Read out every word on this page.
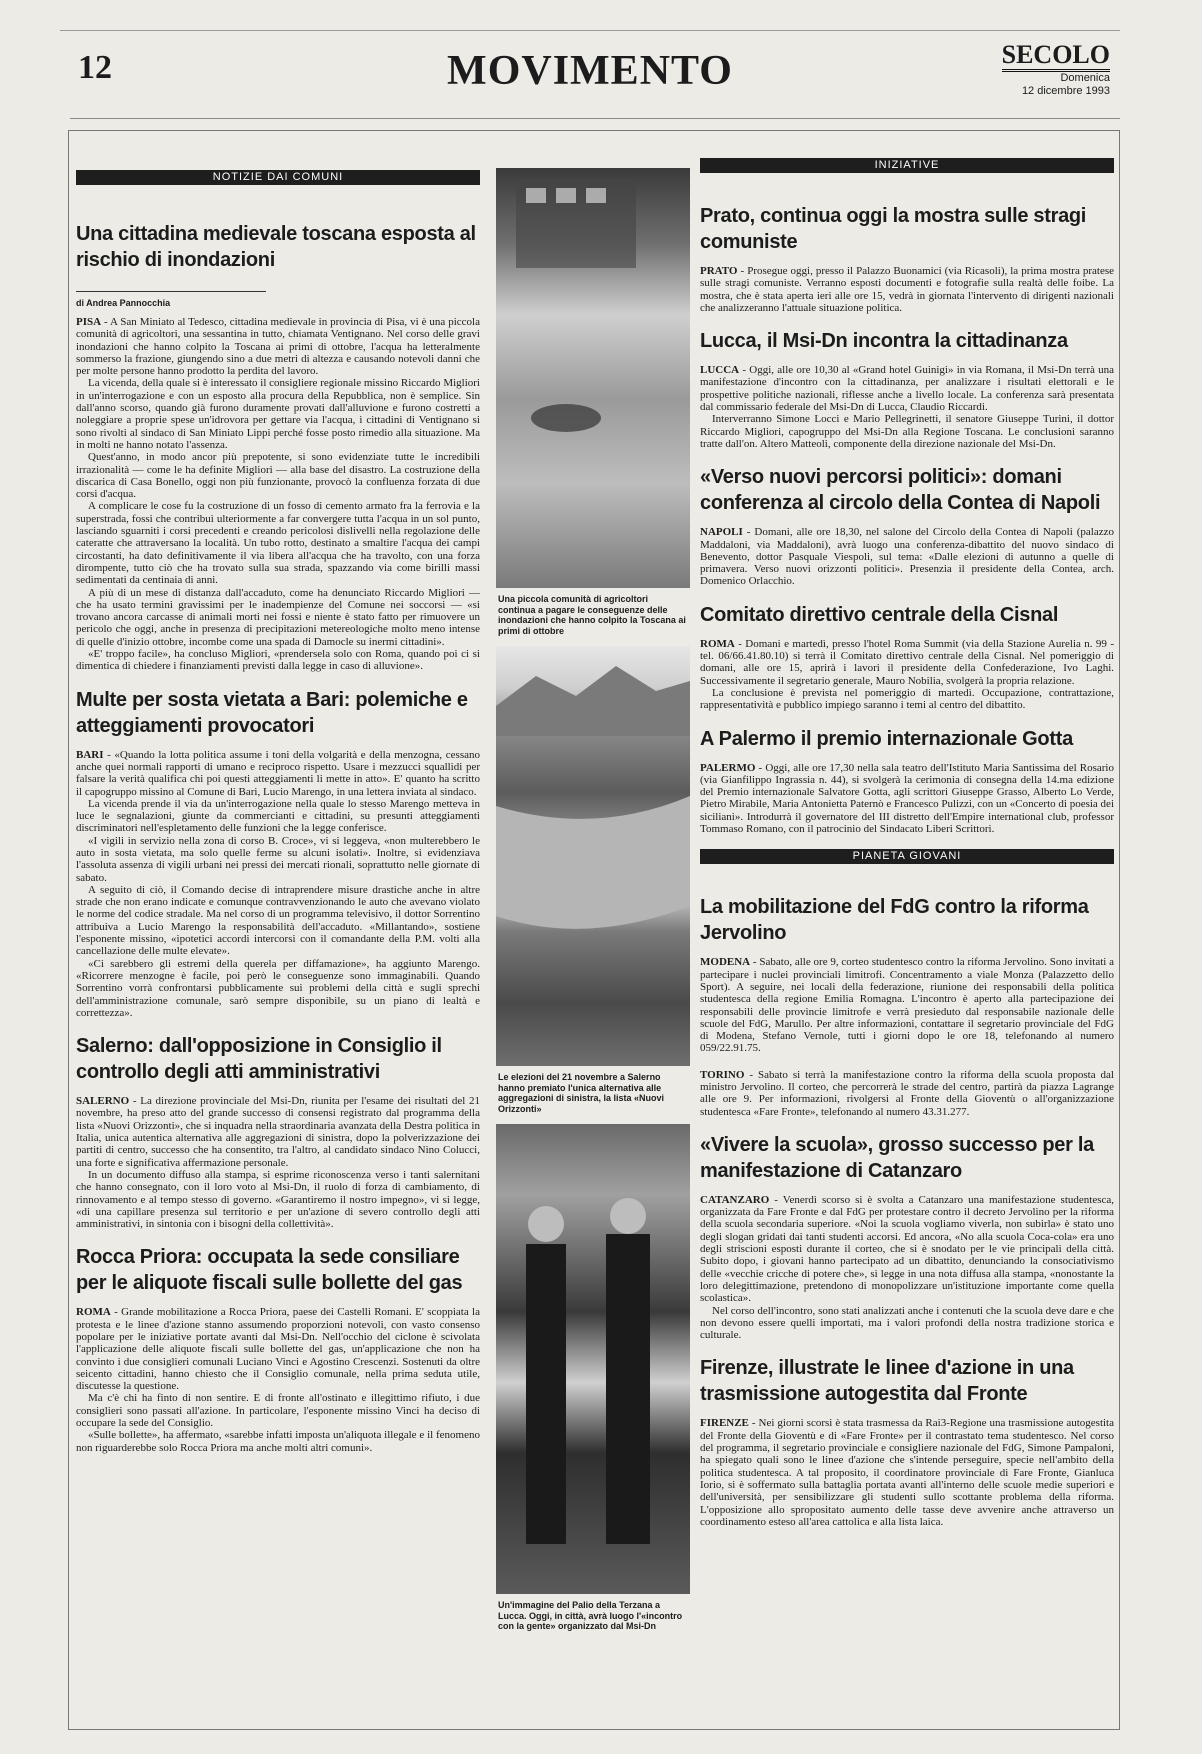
12	MOVIMENTO	SECOLO
Domenica
12 dicembre 1993
NOTIZIE DAI COMUNI
Una cittadina medievale toscana esposta al rischio di inondazioni
di Andrea Pannocchia

PISA - A San Miniato al Tedesco, cittadina medievale in provincia di Pisa, vi è una piccola comunità di agricoltori, una sessantina in tutto, chiamata Ventignano. Nel corso delle gravi inondazioni che hanno colpito la Toscana ai primi di ottobre, l'acqua ha letteralmente sommerso la frazione, giungendo sino a due metri di altezza e causando notevoli danni che per molte persone hanno prodotto la perdita del lavoro.

La vicenda, della quale si è interessato il consigliere regionale missino Riccardo Migliori in un'interrogazione e con un esposto alla procura della Repubblica, non è semplice. Sin dall'anno scorso, quando già furono duramente provati dall'alluvione e furono costretti a noleggiare a proprie spese un'idrovora per gettare via l'acqua, i cittadini di Ventignano si sono rivolti al sindaco di San Miniato Lippi perché fosse posto rimedio alla situazione. Ma in molti ne hanno notato l'assenza.

Quest'anno, in modo ancor più prepotente, si sono evidenziate tutte le incredibili irrazionalità — come le ha definite Migliori — alla base del disastro. La costruzione della discarica di Casa Bonello, oggi non più funzionante, provocò la confluenza forzata di due corsi d'acqua.

A complicare le cose fu la costruzione di un fosso di cemento armato fra la ferrovia e la superstrada, fossi che contribuì ulteriormente a far convergere tutta l'acqua in un sol punto, lasciando sguarniti i corsi precedenti e creando pericolosi dislivelli nella regolazione delle cateratte che attraversano la località. Un tubo rotto, destinato a smaltire l'acqua dei campi circostanti, ha dato definitivamente il via libera all'acqua che ha travolto, con una forza dirompente, tutto ciò che ha trovato sulla sua strada, spazzando via come birilli massi sedimentati da centinaia di anni.

A più di un mese di distanza dall'accaduto, come ha denunciato Riccardo Migliori — che ha usato termini gravissimi per le inadempienze del Comune nei soccorsi — «si trovano ancora carcasse di animali morti nei fossi e niente è stato fatto per rimuovere un pericolo che oggi, anche in presenza di precipitazioni metereologiche molto meno intense di quelle d'inizio ottobre, incombe come una spada di Damocle su inermi cittadini».

«E' troppo facile», ha concluso Migliori, «prendersela solo con Roma, quando poi ci si dimentica di chiedere i finanziamenti previsti dalla legge in caso di alluvione».

Multe per sosta vietata a Bari: polemiche e atteggiamenti provocatori

BARI - «Quando la lotta politica assume i toni della volgarità e della menzogna, cessano anche quei normali rapporti di umano e reciproco rispetto. Usare i mezzucci squallidi per falsare la verità qualifica chi poi questi atteggiamenti li mette in atto». E' quanto ha scritto il capogruppo missino al Comune di Bari, Lucio Marengo, in una lettera inviata al sindaco.

La vicenda prende il via da un'interrogazione nella quale lo stesso Marengo metteva in luce le segnalazioni, giunte da commercianti e cittadini, su presunti atteggiamenti discriminatori nell'espletamento delle funzioni che la legge conferisce.

«I vigili in servizio nella zona di corso B. Croce», vi si leggeva, «non multerebbero le auto in sosta vietata, ma solo quelle ferme su alcuni isolati». Inoltre, si evidenziava l'assoluta assenza di vigili urbani nei pressi dei mercati rionali, soprattutto nelle giornate di sabato.

A seguito di ciò, il Comando decise di intraprendere misure drastiche anche in altre strade che non erano indicate e comunque contravvenzionando le auto che avevano violato le norme del codice stradale. Ma nel corso di un programma televisivo, il dottor Sorrentino attribuiva a Lucio Marengo la responsabilità dell'accaduto. «Millantando», sostiene l'esponente missino, «ipotetici accordi intercorsi con il comandante della P.M. volti alla cancellazione delle multe elevate».

«Ci sarebbero gli estremi della querela per diffamazione», ha aggiunto Marengo. «Ricorrere menzogne è facile, poi però le conseguenze sono immaginabili. Quando Sorrentino vorrà confrontarsi pubblicamente sui problemi della città e sugli sprechi dell'amministrazione comunale, sarò sempre disponibile, su un piano di lealtà e correttezza».

Salerno: dall'opposizione in Consiglio il controllo degli atti amministrativi

SALERNO - La direzione provinciale del Msi-Dn, riunita per l'esame dei risultati del 21 novembre, ha preso atto del grande successo di consensi registrato dal programma della lista «Nuovi Orizzonti», che si inquadra nella straordinaria avanzata della Destra politica in Italia, unica autentica alternativa alle aggregazioni di sinistra, dopo la polverizzazione dei partiti di centro, successo che ha consentito, tra l'altro, al candidato sindaco Nino Colucci, una forte e significativa affermazione personale.

In un documento diffuso alla stampa, si esprime riconoscenza verso i tanti salernitani che hanno consegnato, con il loro voto al Msi-Dn, il ruolo di forza di cambiamento, di rinnovamento e al tempo stesso di governo. «Garantiremo il nostro impegno», vi si legge, «di una capillare presenza sul territorio e per un'azione di severo controllo degli atti amministrativi, in sintonia con i bisogni della collettività».

Rocca Priora: occupata la sede consiliare per le aliquote fiscali sulle bollette del gas

ROMA - Grande mobilitazione a Rocca Priora, paese dei Castelli Romani. E' scoppiata la protesta e le linee d'azione stanno assumendo proporzioni notevoli, con vasto consenso popolare per le iniziative portate avanti dal Msi-Dn. Nell'occhio del ciclone è scivolata l'applicazione delle aliquote fiscali sulle bollette del gas, un'applicazione che non ha convinto i due consiglieri comunali Luciano Vinci e Agostino Crescenzi. Sostenuti da oltre seicento cittadini, hanno chiesto che il Consiglio comunale, nella prima seduta utile, discutesse la questione.

Ma c'è chi ha finto di non sentire. E di fronte all'ostinato e illegittimo rifiuto, i due consiglieri sono passati all'azione. In particolare, l'esponente missino Vinci ha deciso di occupare la sede del Consiglio.

«Sulle bollette», ha affermato, «sarebbe infatti imposta un'aliquota illegale e il fenomeno non riguarderebbe solo Rocca Priora ma anche molti altri comuni».

Una piccola comunità di agricoltori continua a pagare le conseguenze delle inondazioni che hanno colpito la Toscana ai primi di ottobre
Le elezioni del 21 novembre a Salerno hanno premiato l'unica alternativa alle aggregazioni di sinistra, la lista «Nuovi Orizzonti»
Un'immagine del Palio della Terzana a Lucca. Oggi, in città, avrà luogo l'«incontro con la gente» organizzato dal Msi-Dn
INIZIATIVE
Prato, continua oggi la mostra sulle stragi comuniste

PRATO - Prosegue oggi, presso il Palazzo Buonamici (via Ricasoli), la prima mostra pratese sulle stragi comuniste. Verranno esposti documenti e fotografie sulla realtà delle foibe. La mostra, che è stata aperta ieri alle ore 15, vedrà in giornata l'intervento di dirigenti nazionali che analizzeranno l'attuale situazione politica.

Lucca, il Msi-Dn incontra la cittadinanza

LUCCA - Oggi, alle ore 10,30 al «Grand hotel Guinigi» in via Romana, il Msi-Dn terrà una manifestazione d'incontro con la cittadinanza, per analizzare i risultati elettorali e le prospettive politiche nazionali, riflesse anche a livello locale. La conferenza sarà presentata dal commissario federale del Msi-Dn di Lucca, Claudio Riccardi.

Interverranno Simone Locci e Mario Pellegrinetti, il senatore Giuseppe Turini, il dottor Riccardo Migliori, capogruppo del Msi-Dn alla Regione Toscana. Le conclusioni saranno tratte dall'on. Altero Matteoli, componente della direzione nazionale del Msi-Dn.

«Verso nuovi percorsi politici»: domani conferenza al circolo della Contea di Napoli

NAPOLI - Domani, alle ore 18,30, nel salone del Circolo della Contea di Napoli (palazzo Maddaloni, via Maddaloni), avrà luogo una conferenza-dibattito del nuovo sindaco di Benevento, dottor Pasquale Viespoli, sul tema: «Dalle elezioni di autunno a quelle di primavera. Verso nuovi orizzonti politici». Presenzia il presidente della Contea, arch. Domenico Orlacchio.

Comitato direttivo centrale della Cisnal

ROMA - Domani e martedì, presso l'hotel Roma Summit (via della Stazione Aurelia n. 99 - tel. 06/66.41.80.10) si terrà il Comitato direttivo centrale della Cisnal. Nel pomeriggio di domani, alle ore 15, aprirà i lavori il presidente della Confederazione, Ivo Laghi. Successivamente il segretario generale, Mauro Nobilia, svolgerà la propria relazione.

La conclusione è prevista nel pomeriggio di martedì. Occupazione, contrattazione, rappresentatività e pubblico impiego saranno i temi al centro del dibattito.

A Palermo il premio internazionale Gotta

PALERMO - Oggi, alle ore 17,30 nella sala teatro dell'Istituto Maria Santissima del Rosario (via Gianfilippo Ingrassia n. 44), si svolgerà la cerimonia di consegna della 14.ma edizione del Premio internazionale Salvatore Gotta, agli scrittori Giuseppe Grasso, Alberto Lo Verde, Pietro Mirabile, Maria Antonietta Paternò e Francesco Pulizzi, con un «Concerto di poesia dei siciliani». Introdurrà il governatore del III distretto dell'Empire international club, professor Tommaso Romano, con il patrocinio del Sindacato Liberi Scrittori.

PIANETA GIOVANI
La mobilitazione del FdG contro la riforma Jervolino

MODENA - Sabato, alle ore 9, corteo studentesco contro la riforma Jervolino. Sono invitati a partecipare i nuclei provinciali limitrofi. Concentramento a viale Monza (Palazzetto dello Sport). A seguire, nei locali della federazione, riunione dei responsabili della politica studentesca della regione Emilia Romagna. L'incontro è aperto alla partecipazione dei responsabili delle provincie limitrofe e verrà presieduto dal responsabile nazionale delle scuole del FdG, Marullo. Per altre informazioni, contattare il segretario provinciale del FdG di Modena, Stefano Vernole, tutti i giorni dopo le ore 18, telefonando al numero 059/22.91.75.

TORINO - Sabato si terrà la manifestazione contro la riforma della scuola proposta dal ministro Jervolino. Il corteo, che percorrerà le strade del centro, partirà da piazza Lagrange alle ore 9. Per informazioni, rivolgersi al Fronte della Gioventù o all'organizzazione studentesca «Fare Fronte», telefonando al numero 43.31.277.

«Vivere la scuola», grosso successo per la manifestazione di Catanzaro

CATANZARO - Venerdì scorso si è svolta a Catanzaro una manifestazione studentesca, organizzata da Fare Fronte e dal FdG per protestare contro il decreto Jervolino per la riforma della scuola secondaria superiore. «Noi la scuola vogliamo viverla, non subirla» è stato uno degli slogan gridati dai tanti studenti accorsi. Ed ancora, «No alla scuola Coca-cola» era uno degli striscioni esposti durante il corteo, che si è snodato per le vie principali della città. Subito dopo, i giovani hanno partecipato ad un dibattito, denunciando la consociativismo delle «vecchie cricche di potere che», si legge in una nota diffusa alla stampa, «nonostante la loro delegittimazione, pretendono di monopolizzare un'istituzione importante come quella scolastica».

Nel corso dell'incontro, sono stati analizzati anche i contenuti che la scuola deve dare e che non devono essere quelli importati, ma i valori profondi della nostra tradizione storica e culturale.

Firenze, illustrate le linee d'azione in una trasmissione autogestita dal Fronte

FIRENZE - Nei giorni scorsi è stata trasmessa da Rai3-Regione una trasmissione autogestita del Fronte della Gioventù e di «Fare Fronte» per il contrastato tema studentesco. Nel corso del programma, il segretario provinciale e consigliere nazionale del FdG, Simone Pampaloni, ha spiegato quali sono le linee d'azione che s'intende perseguire, specie nell'ambito della politica studentesca. A tal proposito, il coordinatore provinciale di Fare Fronte, Gianluca Iorio, si è soffermato sulla battaglia portata avanti all'interno delle scuole medie superiori e dell'università, per sensibilizzare gli studenti sullo scottante problema della riforma. L'opposizione allo spropositato aumento delle tasse deve avvenire anche attraverso un coordinamento esteso all'area cattolica e alla lista laica.
